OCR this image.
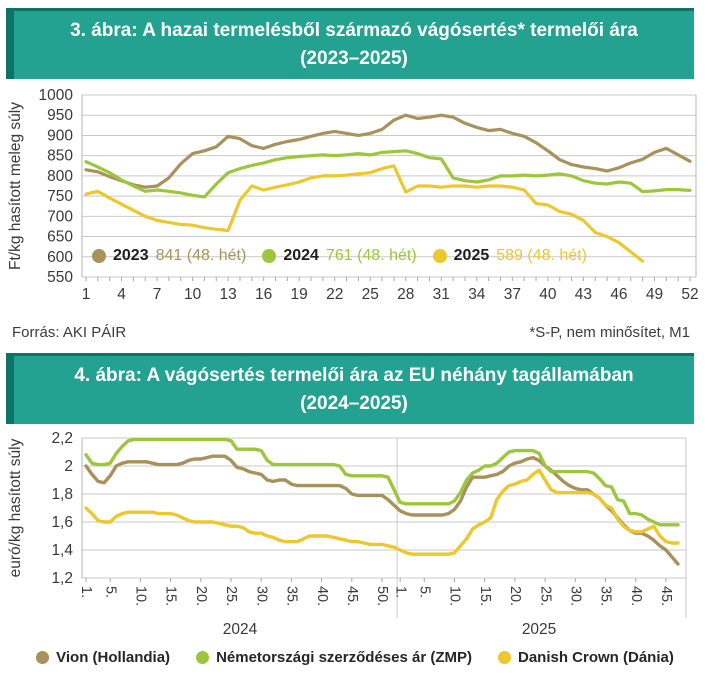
3. ábra: A hazai termelésből származó vágósertés* termelői ára
(2023–2025)
1000
950
900
850
800
750
700
650
600
550
1 4 7 10 13 16 19 22 25 28 31 34 37 40 43 46 49 52
Ft/kg hasított meleg súly	2023 841 (48. hét) 2024 761 (48. hét) 2025 589 (48. hét)
Forrás: AKI PÁIR	*S-P, nem minősítet, M1
4. ábra: A vágósertés termelői ára az EU néhány tagállamában
(2024–2025)
2,2
2
1,8
1,6
1,4
1,2
1. 5. 10. 15. 20. 25. 30. 35. 40. 45. 50.
2024
1. 5. 10. 15. 20. 25. 30. 35. 40. 45.
2025
euró/kg hasított súly
Vion (Hollandia)	Németországi szerződéses ár (ZMP)	Danish Crown (Dánia)
